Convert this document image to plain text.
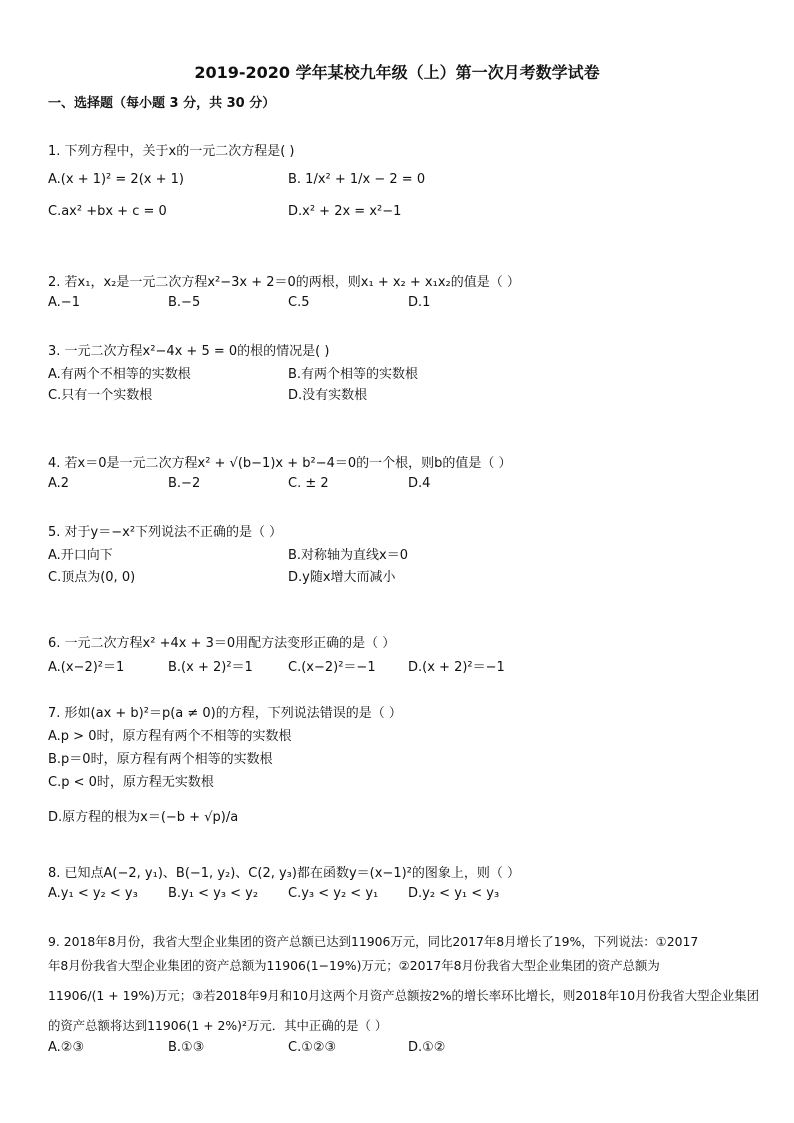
2019-2020 学年某校九年级（上）第一次月考数学试卷
一、选择题（每小题 3 分，共 30 分）
1. 下列方程中，关于x的一元二次方程是( )
A.(x + 1)² = 2(x + 1)	B. 1/x² + 1/x − 2 = 0
C.ax² +bx + c = 0	D.x² + 2x = x²−1
2. 若x₁，x₂是一元二次方程x²−3x + 2＝0的两根，则x₁ + x₂ + x₁x₂的值是（ ）
A.−1	B.−5	C.5	D.1
3. 一元二次方程x²−4x + 5 = 0的根的情况是( )
A.有两个不相等的实数根	B.有两个相等的实数根
C.只有一个实数根	D.没有实数根
4. 若x＝0是一元二次方程x² + √(b−1)x + b²−4＝0的一个根，则b的值是（ ）
A.2	B.−2	C. ± 2	D.4
5. 对于y＝−x²下列说法不正确的是（ ）
A.开口向下	B.对称轴为直线x＝0
C.顶点为(0, 0)	D.y随x增大而减小
6. 一元二次方程x² +4x + 3＝0用配方法变形正确的是（ ）
A.(x−2)²＝1	B.(x + 2)²＝1	C.(x−2)²＝−1 D.(x + 2)²＝−1
7. 形如(ax + b)²＝p(a ≠ 0)的方程，下列说法错误的是（ ）
A.p > 0时，原方程有两个不相等的实数根
B.p＝0时，原方程有两个相等的实数根
C.p < 0时，原方程无实数根
D.原方程的根为x＝(−b + √p)/a
8. 已知点A(−2, y₁)、B(−1, y₂)、C(2, y₃)都在函数y＝(x−1)²的图象上，则（ ）
A.y₁ < y₂ < y₃ B.y₁ < y₃ < y₂ C.y₃ < y₂ < y₁ D.y₂ < y₁ < y₃
9. 2018年8月份，我省大型企业集团的资产总额已达到11906万元，同比2017年8月增长了19%，下列说法：①2017
年8月份我省大型企业集团的资产总额为11906(1−19%)万元；②2017年8月份我省大型企业集团的资产总额为
11906/(1 + 19%)万元；③若2018年9月和10月这两个月资产总额按2%的增长率环比增长，则2018年10月份我省大型企业集团
的资产总额将达到11906(1 + 2%)²万元．其中正确的是（ ）
A.②③	B.①③	C.①②③	D.①②
